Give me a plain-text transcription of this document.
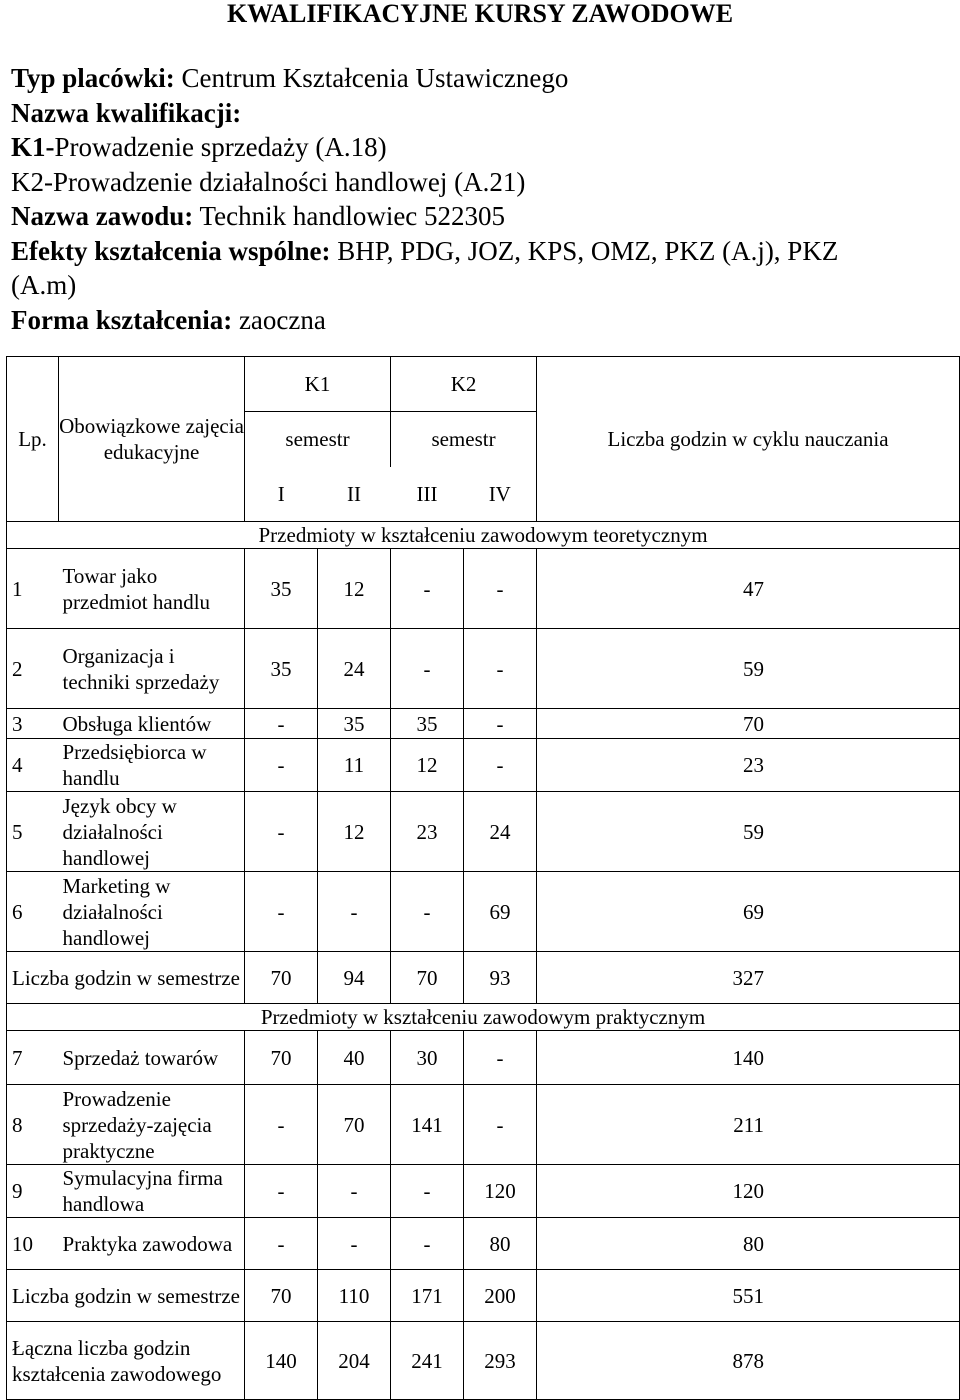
KWALIFIKACYJNE KURSY ZAWODOWE
Typ placówki: Centrum Kształcenia Ustawicznego
Nazwa kwalifikacji:
K1-Prowadzenie sprzedaży (A.18)
K2-Prowadzenie działalności handlowej (A.21)
Nazwa zawodu: Technik handlowiec 522305
Efekty kształcenia wspólne: BHP, PDG, JOZ, KPS, OMZ, PKZ (A.j), PKZ
(A.m)
Forma kształcenia: zaoczna
Lp.	Obowiązkowe zajęcia edukacyjne	K1		K2		Liczba godzin w cyklu nauczania
		semestr		semestr		
		I	II	III	IV	
Przedmioty w kształceniu zawodowym teoretycznym						
1	Towar jako przedmiot handlu	35	12	-	-	47
2	Organizacja i techniki sprzedaży	35	24	-	-	59
3	Obsługa klientów	-	35	35	-	70
4	Przedsiębiorca w handlu	-	11	12	-	23
5	Język obcy w działalności handlowej	-	12	23	24	59
6	Marketing w działalności handlowej	-	-	-	69	69
Liczba godzin w semestrze		70	94	70	93	327
Przedmioty w kształceniu zawodowym praktycznym						
7	Sprzedaż towarów	70	40	30	-	140
8	Prowadzenie sprzedaży-zajęcia praktyczne	-	70	141	-	211
9	Symulacyjna firma handlowa	-	-	-	120	120
10	Praktyka zawodowa	-	-	-	80	80
Liczba godzin w semestrze		70	110	171	200	551
Łączna liczba godzin kształcenia zawodowego		140	204	241	293	878
